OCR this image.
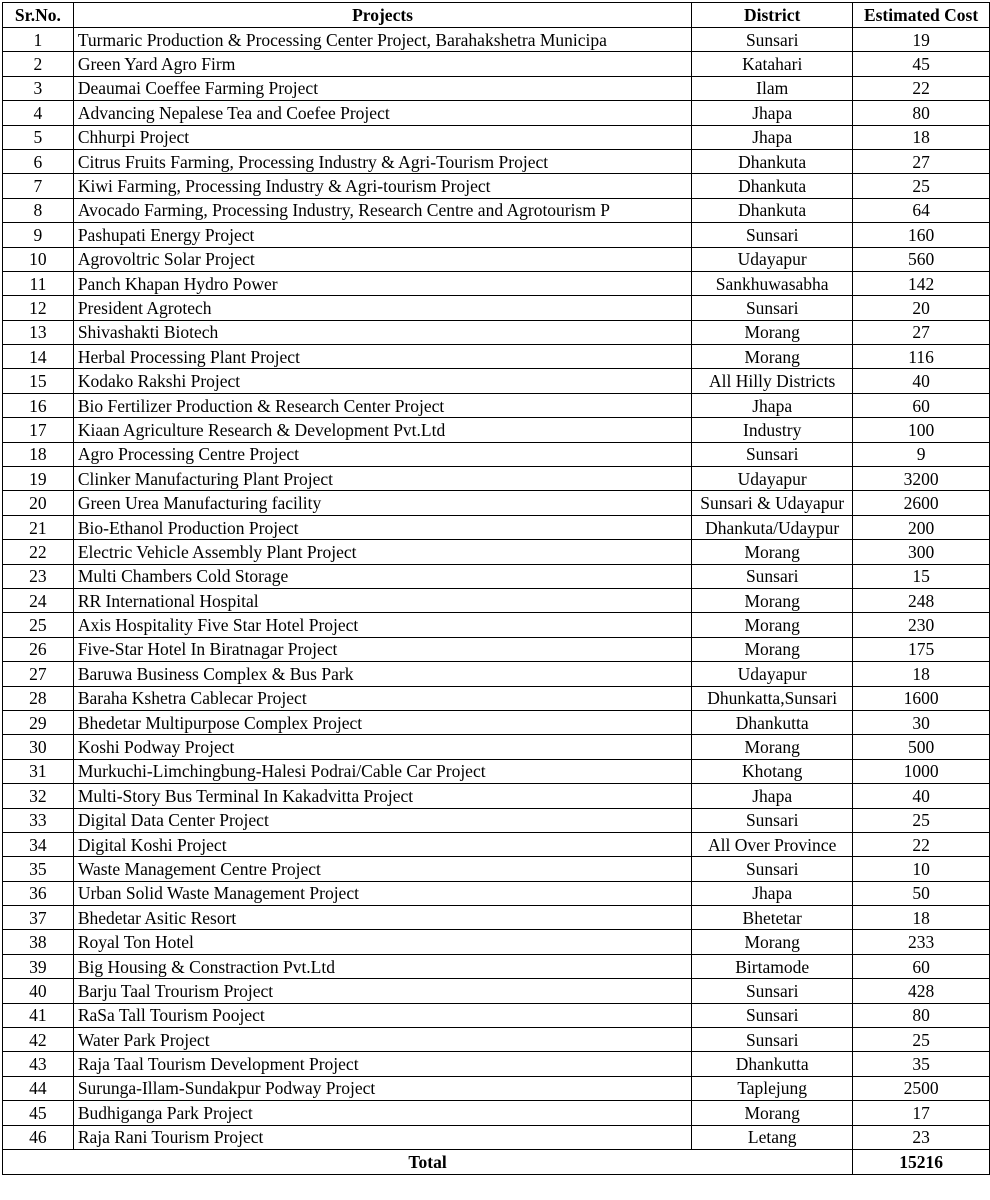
Sr.No.	Projects	District	Estimated Cost
1	Turmaric Production & Processing Center Project, Barahakshetra Municipa	Sunsari	19
2	Green Yard Agro Firm	Katahari	45
3	Deaumai Coeffee Farming Project	Ilam	22
4	Advancing Nepalese Tea and Coefee Project	Jhapa	80
5	Chhurpi Project	Jhapa	18
6	Citrus Fruits Farming, Processing Industry & Agri-Tourism Project	Dhankuta	27
7	Kiwi Farming, Processing Industry & Agri-tourism Project	Dhankuta	25
8	Avocado Farming, Processing Industry, Research Centre and Agrotourism P	Dhankuta	64
9	Pashupati Energy Project	Sunsari	160
10	Agrovoltric Solar Project	Udayapur	560
11	Panch Khapan Hydro Power	Sankhuwasabha	142
12	President Agrotech	Sunsari	20
13	Shivashakti Biotech	Morang	27
14	Herbal Processing Plant Project	Morang	116
15	Kodako Rakshi Project	All Hilly Districts	40
16	Bio Fertilizer Production & Research Center Project	Jhapa	60
17	Kiaan Agriculture Research & Development Pvt.Ltd	Industry	100
18	Agro Processing Centre Project	Sunsari	9
19	Clinker Manufacturing Plant Project	Udayapur	3200
20	Green Urea Manufacturing facility	Sunsari & Udayapur	2600
21	Bio-Ethanol Production Project	Dhankuta/Udaypur	200
22	Electric Vehicle Assembly Plant Project	Morang	300
23	Multi Chambers Cold Storage	Sunsari	15
24	RR International Hospital	Morang	248
25	Axis Hospitality Five Star Hotel Project	Morang	230
26	Five-Star Hotel In Biratnagar Project	Morang	175
27	Baruwa Business Complex & Bus Park	Udayapur	18
28	Baraha Kshetra Cablecar Project	Dhunkatta,Sunsari	1600
29	Bhedetar Multipurpose Complex Project	Dhankutta	30
30	Koshi Podway Project	Morang	500
31	Murkuchi-Limchingbung-Halesi Podrai/Cable Car Project	Khotang	1000
32	Multi-Story Bus Terminal In Kakadvitta Project	Jhapa	40
33	Digital Data Center Project	Sunsari	25
34	Digital Koshi Project	All Over Province	22
35	Waste Management Centre Project	Sunsari	10
36	Urban Solid Waste Management Project	Jhapa	50
37	Bhedetar Asitic Resort	Bhetetar	18
38	Royal Ton Hotel	Morang	233
39	Big Housing & Constraction Pvt.Ltd	Birtamode	60
40	Barju Taal Trourism Project	Sunsari	428
41	RaSa Tall Tourism Pooject	Sunsari	80
42	Water Park Project	Sunsari	25
43	Raja Taal Tourism Development Project	Dhankutta	35
44	Surunga-Illam-Sundakpur Podway Project	Taplejung	2500
45	Budhiganga Park Project	Morang	17
46	Raja Rani Tourism Project	Letang	23
Total			15216
